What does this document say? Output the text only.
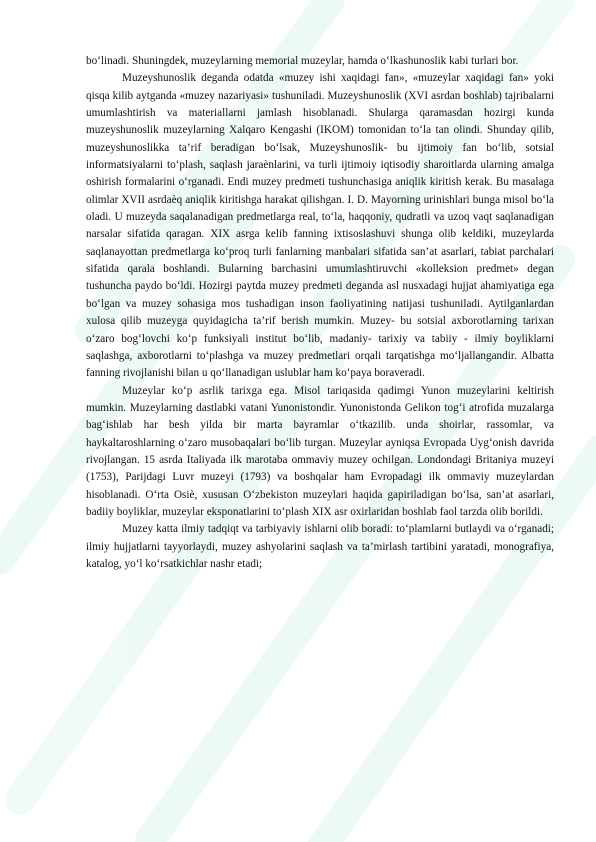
bo‘linadi. Shuningdek, muzeylarning memorial muzeylar, hamda o‘lkashunoslik kabi turlari bor.

Muzeyshunoslik deganda odatda «muzey ishi xaqidagi fan», «muzeylar xaqidagi fan» yoki qisqa kilib aytganda «muzey nazariyasi» tushuniladi. Muzeyshunoslik (XVI asrdan boshlab) tajribalarni umumlashtirish va materiallarni jamlash hisoblanadi. Shularga qaramasdan hozirgi kunda muzeyshunoslik muzeylarning Xalqaro Kengashi (IKOM) tomonidan to‘la tan olindi. Shunday qilib, muzeyshunoslikka ta’rif beradigan bo‘lsak, Muzeyshunoslik- bu ijtimoiy fan bo‘lib, sotsial informatsiyalarni to‘plash, saqlash jaraènlarini, va turli ijtimoiy iqtisodiy sharoitlarda ularning amalga oshirish formalarini o‘rganadi. Endi muzey predmeti tushunchasiga aniqlik kiritish kerak. Bu masalaga olimlar XVII asrdaèq aniqlik kiritishga harakat qilishgan. I. D. Mayorning urinishlari bunga misol bo‘la oladi. U muzeyda saqalanadigan predmetlarga real, to‘la, haqqoniy, qudratli va uzoq vaqt saqlanadigan narsalar sifatida qaragan. XIX asrga kelib fanning ixtisoslashuvi shunga olib keldiki, muzeylarda saqlanayottan predmetlarga ko‘proq turli fanlarning manbalari sifatida san’at asarlari, tabiat parchalari sifatida qarala boshlandi. Bularning barchasini umumlashtiruvchi «kolleksion predmet» degan tushuncha paydo bo‘ldi. Hozirgi paytda muzey predmeti deganda asl nusxadagi hujjat ahamiyatiga ega bo‘lgan va muzey sohasiga mos tushadigan inson faoliyatining natijasi tushuniladi. Aytilganlardan xulosa qilib muzeyga quyidagicha ta’rif berish mumkin. Muzey- bu sotsial axborotlarning tarixan o‘zaro bog‘lovchi ko‘p funksiyali institut bo‘lib, madaniy- tarixiy va tabiiy - ilmiy boyliklarni saqlashga, axborotlarni to‘plashga va muzey predmetlari orqali tarqatishga mo‘ljallangandir. Albatta fanning rivojlanishi bilan u qo‘llanadigan uslublar ham ko‘paya boraveradi.

Muzeylar ko‘p asrlik tarixga ega. Misol tariqasida qadimgi Yunon muzeylarini keltirish mumkin. Muzeylarning dastlabki vatani Yunonistondir. Yunonistonda Gelikon tog‘i atrofida muzalarga bag‘ishlab har besh yilda bir marta bayramlar o‘tkazilib. unda shoirlar, rassomlar, va haykaltaroshlarning o‘zaro musobaqalari bo‘lib turgan. Muzeylar ayniqsa Evropada Uyg‘onish davrida rivojlangan. 15 asrda Italiyada ilk marotaba ommaviy muzey ochilgan. Londondagi Britaniya muzeyi (1753), Parijdagi Luvr muzeyi (1793) va boshqalar ham Evropadagi ilk ommaviy muzeylardan hisoblanadi. O‘rta Osiè, xususan O‘zbekiston muzeylari haqida gapiriladigan bo‘lsa, san’at asarlari, badiiy boyliklar, muzeylar eksponatlarini to‘plash XIX asr oxirlaridan boshlab faol tarzda olib borildi.

Muzey katta ilmiy tadqiqt va tarbiyaviy ishlarni olib boradi: to‘plamlarni butlaydi va o‘rganadi; ilmiy hujjatlarni tayyorlaydi, muzey ashyolarini saqlash va ta’mirlash tartibini yaratadi, monografiya, katalog, yo‘l ko‘rsatkichlar nashr etadi;
